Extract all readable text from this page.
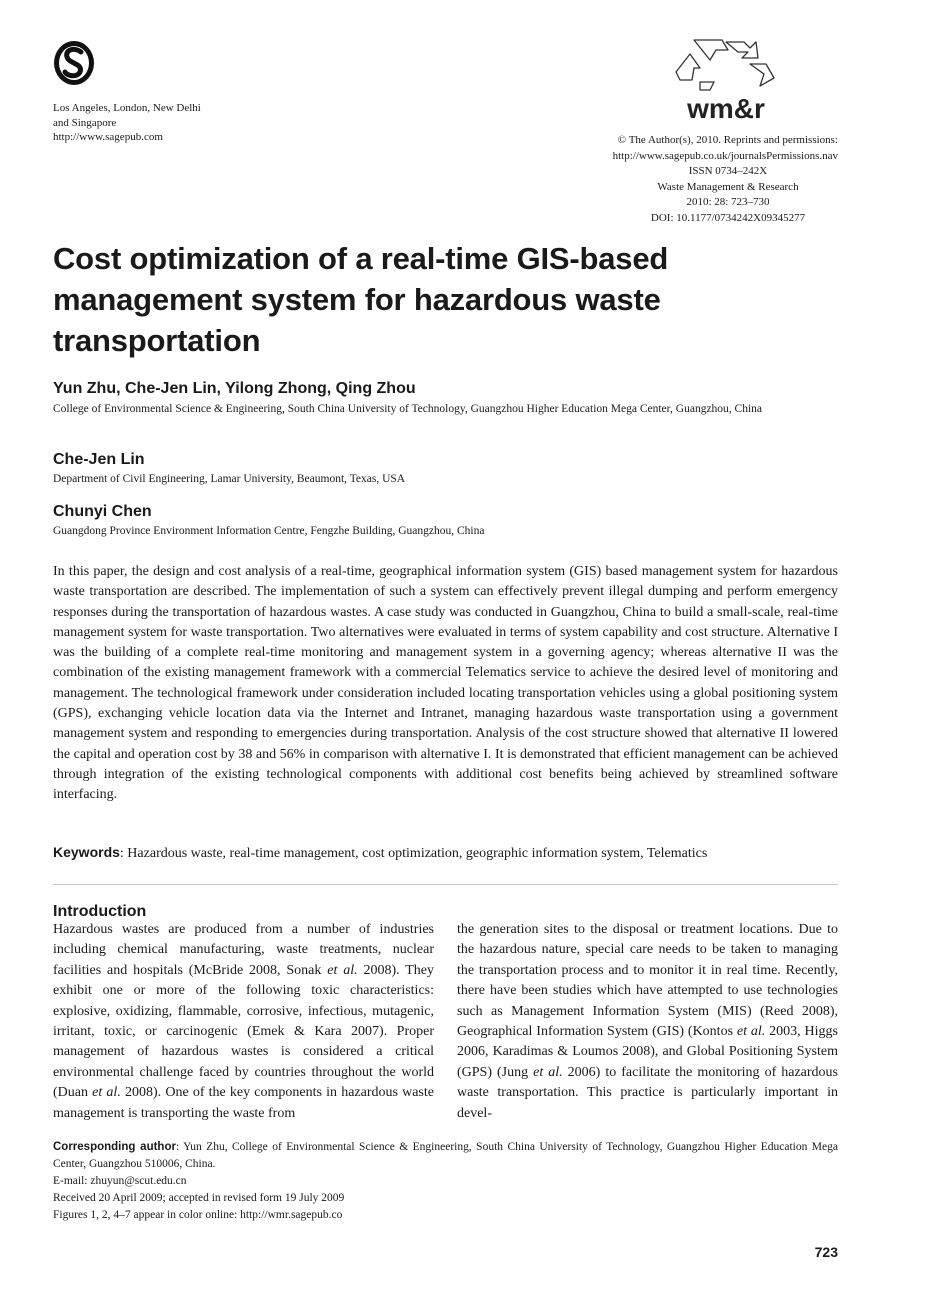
Los Angeles, London, New Delhi
and Singapore
http://www.sagepub.com
wm&r
© The Author(s), 2010. Reprints and permissions:
http://www.sagepub.co.uk/journalsPermissions.nav
ISSN 0734–242X
Waste Management & Research
2010: 28: 723–730
DOI: 10.1177/0734242X09345277
Cost optimization of a real-time GIS-based
management system for hazardous waste
transportation
Yun Zhu, Che-Jen Lin, Yilong Zhong, Qing Zhou
College of Environmental Science & Engineering, South China University of Technology, Guangzhou Higher Education Mega Center, Guangzhou, China
Che-Jen Lin
Department of Civil Engineering, Lamar University, Beaumont, Texas, USA
Chunyi Chen
Guangdong Province Environment Information Centre, Fengzhe Building, Guangzhou, China
In this paper, the design and cost analysis of a real-time, geographical information system (GIS) based management system for hazardous waste transportation are described. The implementation of such a system can effectively prevent illegal dumping and perform emergency responses during the transportation of hazardous wastes. A case study was conducted in Guangzhou, China to build a small-scale, real-time management system for waste transportation. Two alternatives were evaluated in terms of system capability and cost structure. Alternative I was the building of a complete real-time monitoring and management system in a governing agency; whereas alternative II was the combination of the existing management framework with a commercial Telematics service to achieve the desired level of monitoring and management. The technological framework under consideration included locating transportation vehicles using a global positioning system (GPS), exchanging vehicle location data via the Internet and Intranet, managing hazardous waste transportation using a government management system and responding to emergencies during transportation. Analysis of the cost structure showed that alternative II lowered the capital and operation cost by 38 and 56% in comparison with alternative I. It is demonstrated that efficient management can be achieved through integration of the existing technological components with additional cost benefits being achieved by streamlined software interfacing.
Keywords: Hazardous waste, real-time management, cost optimization, geographic information system, Telematics
Introduction
Hazardous wastes are produced from a number of industries including chemical manufacturing, waste treatments, nuclear facilities and hospitals (McBride 2008, Sonak et al. 2008). They exhibit one or more of the following toxic characteristics: explosive, oxidizing, flammable, corrosive, infectious, mutagenic, irritant, toxic, or carcinogenic (Emek & Kara 2007). Proper management of hazardous wastes is considered a critical environmental challenge faced by countries throughout the world (Duan et al. 2008). One of the key components in hazardous waste management is transporting the waste from
the generation sites to the disposal or treatment locations. Due to the hazardous nature, special care needs to be taken to managing the transportation process and to monitor it in real time. Recently, there have been studies which have attempted to use technologies such as Management Information System (MIS) (Reed 2008), Geographical Information System (GIS) (Kontos et al. 2003, Higgs 2006, Karadimas & Loumos 2008), and Global Positioning System (GPS) (Jung et al. 2006) to facilitate the monitoring of hazardous waste transportation. This practice is particularly important in devel-
Corresponding author: Yun Zhu, College of Environmental Science & Engineering, South China University of Technology, Guangzhou Higher Education Mega Center, Guangzhou 510006, China.
E-mail: zhuyun@scut.edu.cn
Received 20 April 2009; accepted in revised form 19 July 2009
Figures 1, 2, 4–7 appear in color online: http://wmr.sagepub.co
723
